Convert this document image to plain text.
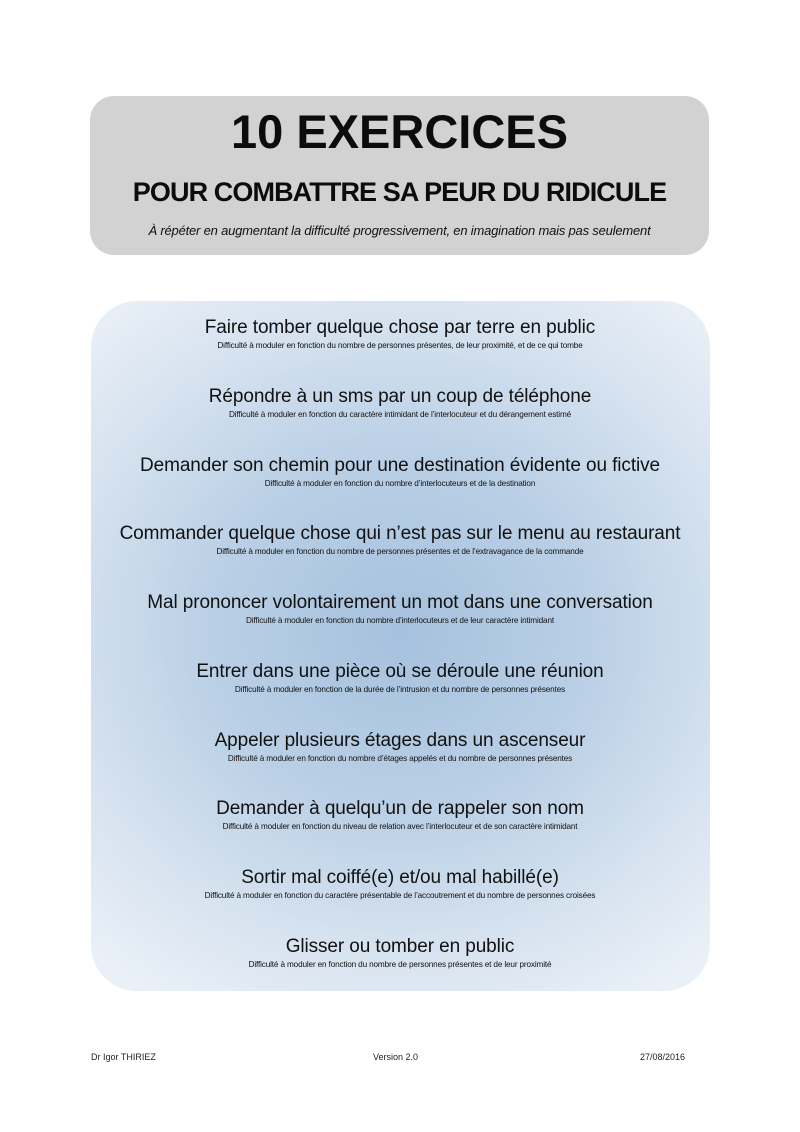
10 EXERCICES
POUR COMBATTRE SA PEUR DU RIDICULE
À répéter en augmentant la difficulté progressivement, en imagination mais pas seulement
Faire tomber quelque chose par terre en public
Difficulté à moduler en fonction du nombre de personnes présentes, de leur proximité, et de ce qui tombe
Répondre à un sms par un coup de téléphone
Difficulté à moduler en fonction du caractère intimidant de l’interlocuteur et du dérangement estimé
Demander son chemin pour une destination évidente ou fictive
Difficulté à moduler en fonction du nombre d’interlocuteurs et de la destination
Commander quelque chose qui n’est pas sur le menu au restaurant
Difficulté à moduler en fonction du nombre de personnes présentes et de l’extravagance de la commande
Mal prononcer volontairement un mot dans une conversation
Difficulté à moduler en fonction du nombre d’interlocuteurs et de leur caractère intimidant
Entrer dans une pièce où se déroule une réunion
Difficulté à moduler en fonction de la durée de l’intrusion et du nombre de personnes présentes
Appeler plusieurs étages dans un ascenseur
Difficulté à moduler en fonction du nombre d’étages appelés et du nombre de personnes présentes
Demander à quelqu’un de rappeler son nom
Difficulté à moduler en fonction du niveau de relation avec l’interlocuteur et de son caractère intimidant
Sortir mal coiffé(e) et/ou mal habillé(e)
Difficulté à moduler en fonction du caractère présentable de l’accoutrement et du nombre de personnes croisées
Glisser ou tomber en public
Difficulté à moduler en fonction du nombre de personnes présentes et de leur proximité
Dr Igor THIRIEZ	Version 2.0	27/08/2016
